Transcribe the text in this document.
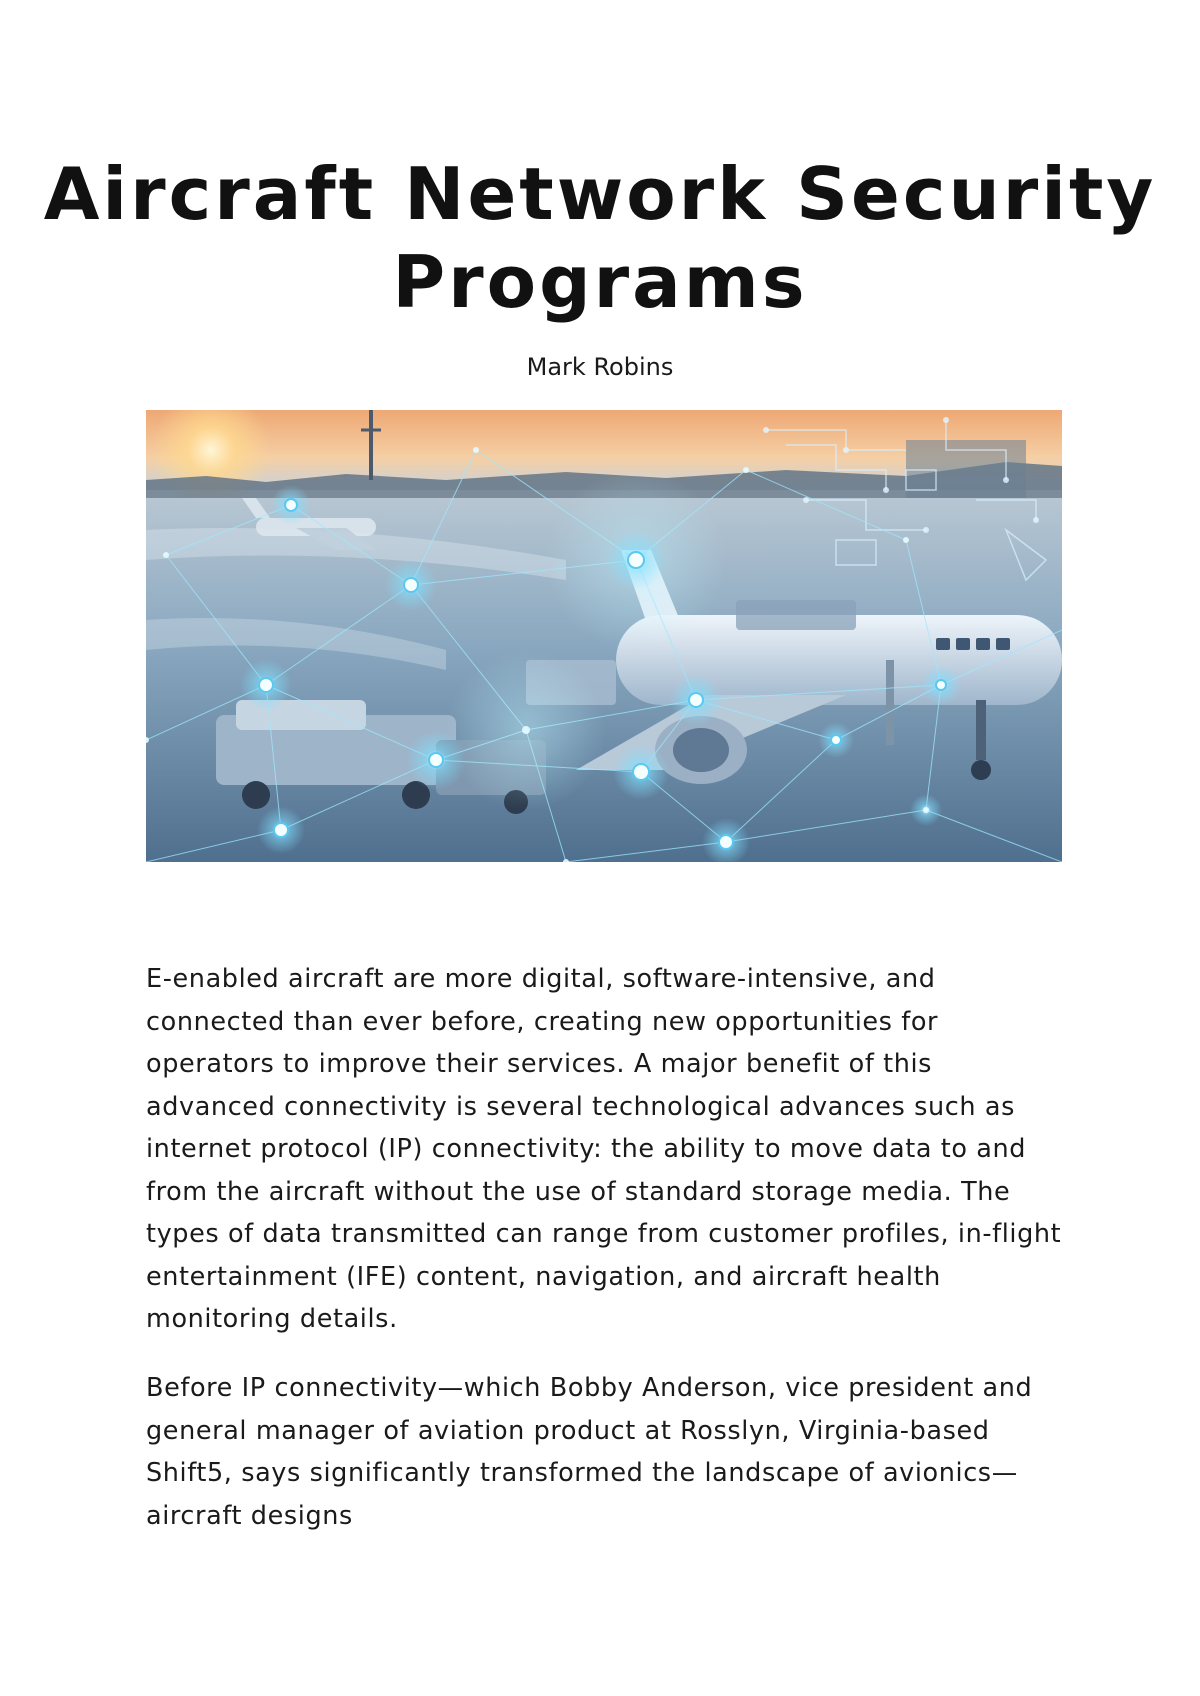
Aircraft Network Security Programs
Mark Robins

E-enabled aircraft are more digital, software-intensive, and connected than ever before, creating new opportunities for operators to improve their services. A major benefit of this advanced connectivity is several technological advances such as internet protocol (IP) connectivity: the ability to move data to and from the aircraft without the use of standard storage media. The types of data transmitted can range from customer profiles, in-flight entertainment (IFE) content, navigation, and aircraft health monitoring details.

Before IP connectivity—which Bobby Anderson, vice president and general manager of aviation product at Rosslyn, Virginia-based Shift5, says significantly transformed the landscape of avionics—aircraft designs
